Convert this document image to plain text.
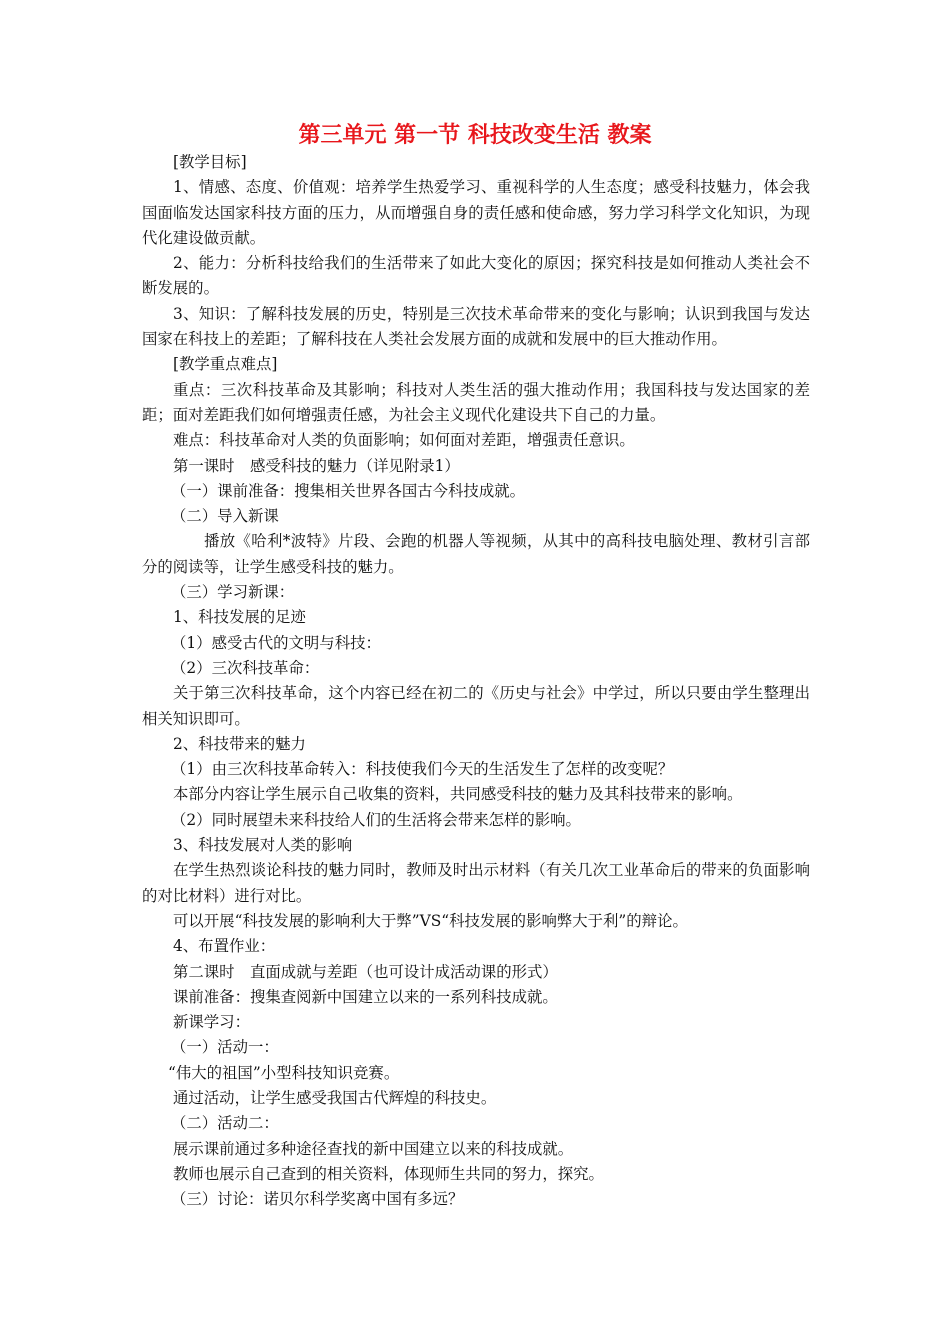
第三单元 第一节 科技改变生活 教案

[教学目标]

1、情感、态度、价值观：培养学生热爱学习、重视科学的人生态度；感受科技魅力，体会我国面临发达国家科技方面的压力，从而增强自身的责任感和使命感，努力学习科学文化知识，为现代化建设做贡献。

2、能力：分析科技给我们的生活带来了如此大变化的原因；探究科技是如何推动人类社会不断发展的。

3、知识：了解科技发展的历史，特别是三次技术革命带来的变化与影响；认识到我国与发达国家在科技上的差距；了解科技在人类社会发展方面的成就和发展中的巨大推动作用。

[教学重点难点]

重点：三次科技革命及其影响；科技对人类生活的强大推动作用；我国科技与发达国家的差距；面对差距我们如何增强责任感，为社会主义现代化建设共下自己的力量。

难点：科技革命对人类的负面影响；如何面对差距，增强责任意识。

第一课时　感受科技的魅力（详见附录1）

（一）课前准备：搜集相关世界各国古今科技成就。

（二）导入新课

播放《哈利*波特》片段、会跑的机器人等视频，从其中的高科技电脑处理、教材引言部分的阅读等，让学生感受科技的魅力。

（三）学习新课：

1、科技发展的足迹

（1）感受古代的文明与科技：

（2）三次科技革命：

关于第三次科技革命，这个内容已经在初二的《历史与社会》中学过，所以只要由学生整理出相关知识即可。

2、科技带来的魅力

（1）由三次科技革命转入：科技使我们今天的生活发生了怎样的改变呢？

本部分内容让学生展示自己收集的资料，共同感受科技的魅力及其科技带来的影响。

（2）同时展望未来科技给人们的生活将会带来怎样的影响。

3、科技发展对人类的影响

在学生热烈谈论科技的魅力同时，教师及时出示材料（有关几次工业革命后的带来的负面影响的对比材料）进行对比。

可以开展“科技发展的影响利大于弊”VS“科技发展的影响弊大于利”的辩论。

4、布置作业：

第二课时　直面成就与差距（也可设计成活动课的形式）

课前准备：搜集查阅新中国建立以来的一系列科技成就。

新课学习：

（一）活动一：

“伟大的祖国”小型科技知识竞赛。

通过活动，让学生感受我国古代辉煌的科技史。

（二）活动二：

展示课前通过多种途径查找的新中国建立以来的科技成就。

教师也展示自己查到的相关资料，体现师生共同的努力，探究。

（三）讨论：诺贝尔科学奖离中国有多远？
